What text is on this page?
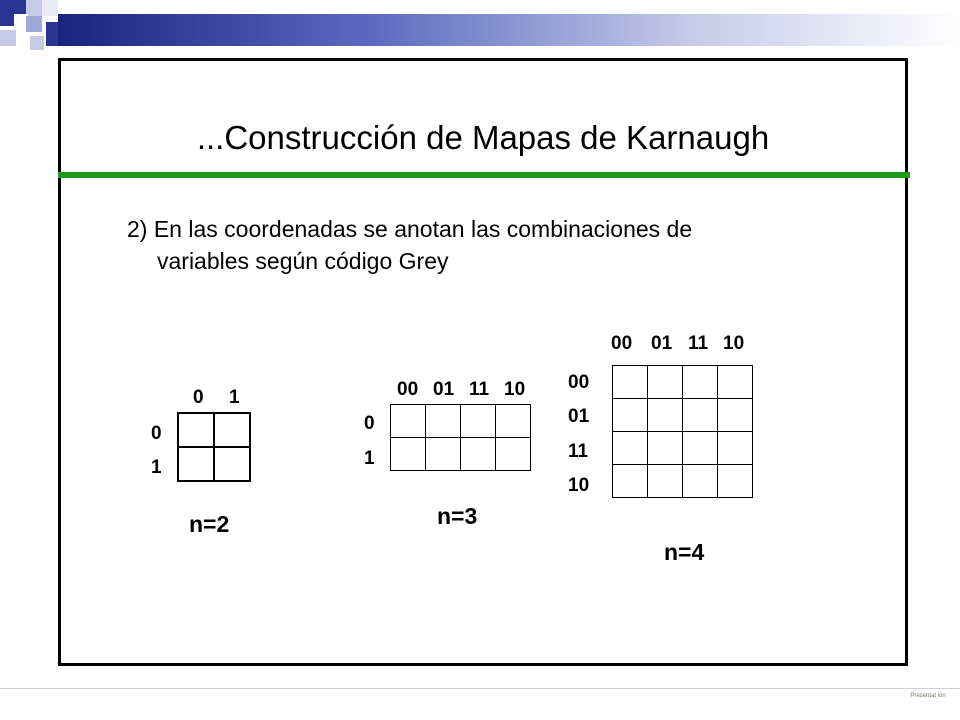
...Construcción de Mapas de Karnaugh
2) En las coordenadas se anotan las combinaciones de
variables según código Grey
0 1
0
1

n=2
00 01 11 10
0
1

n=3
00 01 11 10
00
01
11
10

n=4
Presentat ion
